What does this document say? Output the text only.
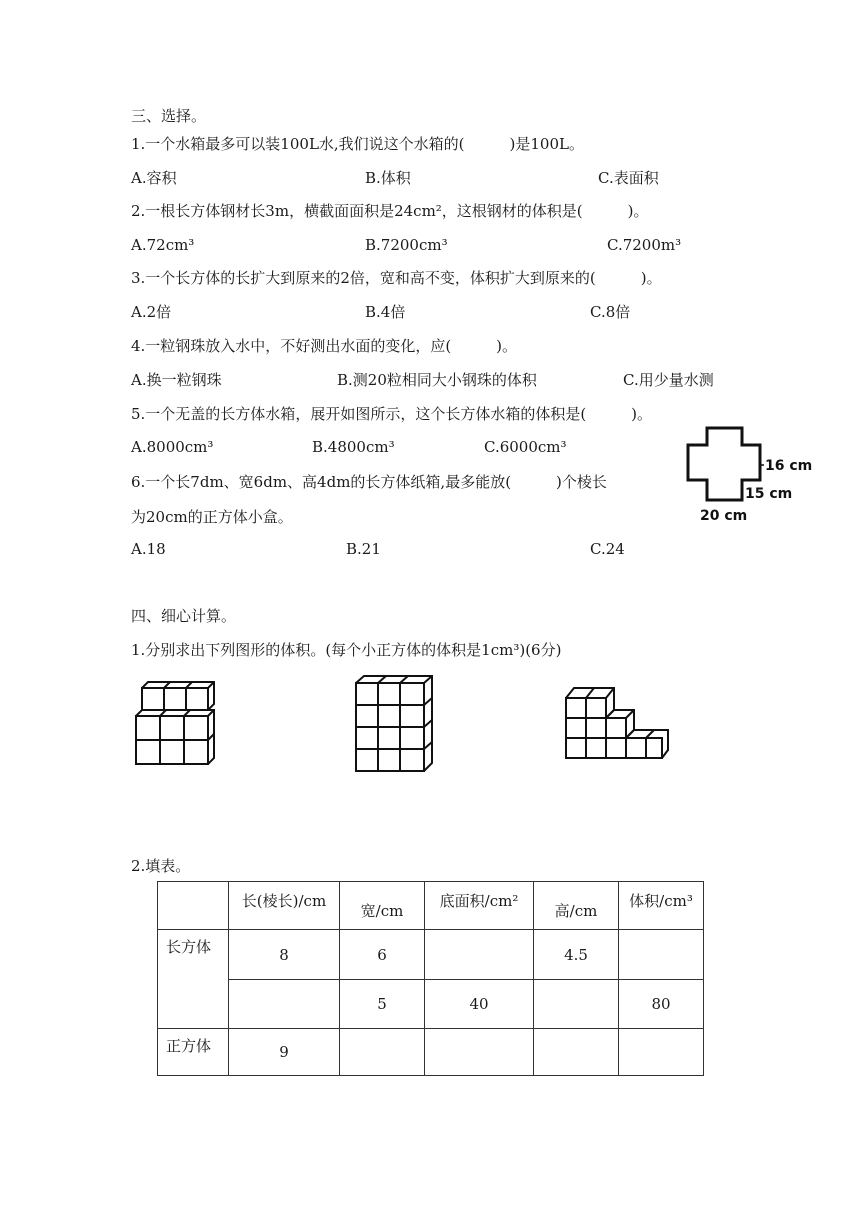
三、选择。
1.一个水箱最多可以装100L水,我们说这个水箱的(　　　)是100L。
A.容积	B.体积	C.表面积
2.一根长方体钢材长3m，横截面面积是24cm²，这根钢材的体积是(　　　)。
A.72cm³	B.7200cm³	C.7200m³
3.一个长方体的长扩大到原来的2倍，宽和高不变，体积扩大到原来的(　　　)。
A.2倍	B.4倍	C.8倍
4.一粒钢珠放入水中，不好测出水面的变化，应(　　　)。
A.换一粒钢珠	B.测20粒相同大小钢珠的体积	C.用少量水测
5.一个无盖的长方体水箱，展开如图所示，这个长方体水箱的体积是(　　　)。
A.8000cm³	B.4800cm³	C.6000cm³
6.一个长7dm、宽6dm、高4dm的长方体纸箱,最多能放(　　　)个棱长
为20cm的正方体小盒。
A.18	B.21	C.24
16 cm
15 cm
20 cm
四、细心计算。
1.分别求出下列图形的体积。(每个小正方体的体积是1cm³)(6分)
2.填表。
	长(棱长)/cm	宽/cm	底面积/cm²	高/cm	体积/cm³
长方体	8	6		4.5	
		5	40		80
正方体	9				
